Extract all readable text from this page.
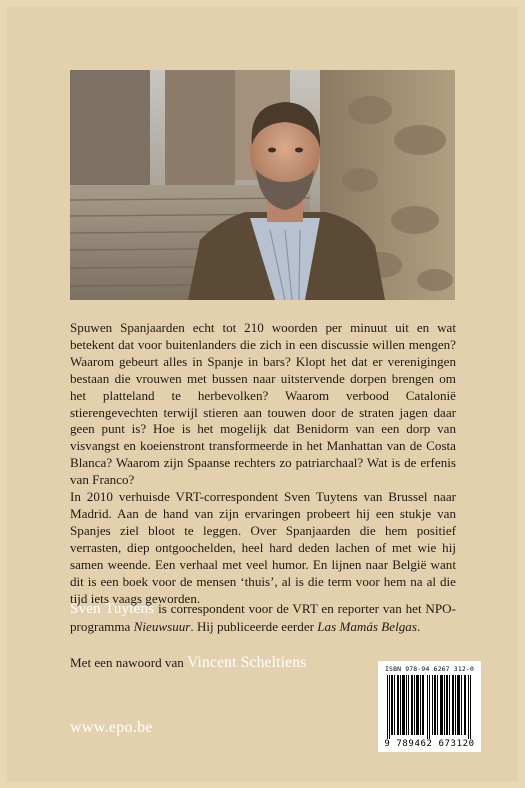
Spuwen Spanjaarden echt tot 210 woorden per minuut uit en wat betekent dat voor buitenlanders die zich in een discussie willen mengen? Waarom gebeurt alles in Spanje in bars? Klopt het dat er verenigingen bestaan die vrouwen met bussen naar uitstervende dorpen brengen om het platteland te herbevolken? Waarom verbood Catalonië stierengevechten terwijl stieren aan touwen door de straten jagen daar geen punt is? Hoe is het mogelijk dat Benidorm van een dorp van visvangst en koeienstront transformeerde in het Manhattan van de Costa Blanca? Waarom zijn Spaanse rechters zo patriarchaal? Wat is de erfenis van Franco?

In 2010 verhuisde VRT-correspondent Sven Tuytens van Brussel naar Madrid. Aan de hand van zijn ervaringen probeert hij een stukje van Spanjes ziel bloot te leggen. Over Spanjaarden die hem positief verrasten, diep ontgoochelden, heel hard deden lachen of met wie hij samen weende. Een verhaal met veel humor. En lijnen naar België want dit is een boek voor de mensen ‘thuis’, al is die term voor hem na al die tijd iets vaags geworden.

Sven Tuytens is correspondent voor de VRT en reporter van het NPO-programma Nieuwsuur. Hij publiceerde eerder Las Mamás Belgas.
Met een nawoord van Vincent Scheltiens
www.epo.be
ISBN 978-94 6267 312-0
9 789462 673120
